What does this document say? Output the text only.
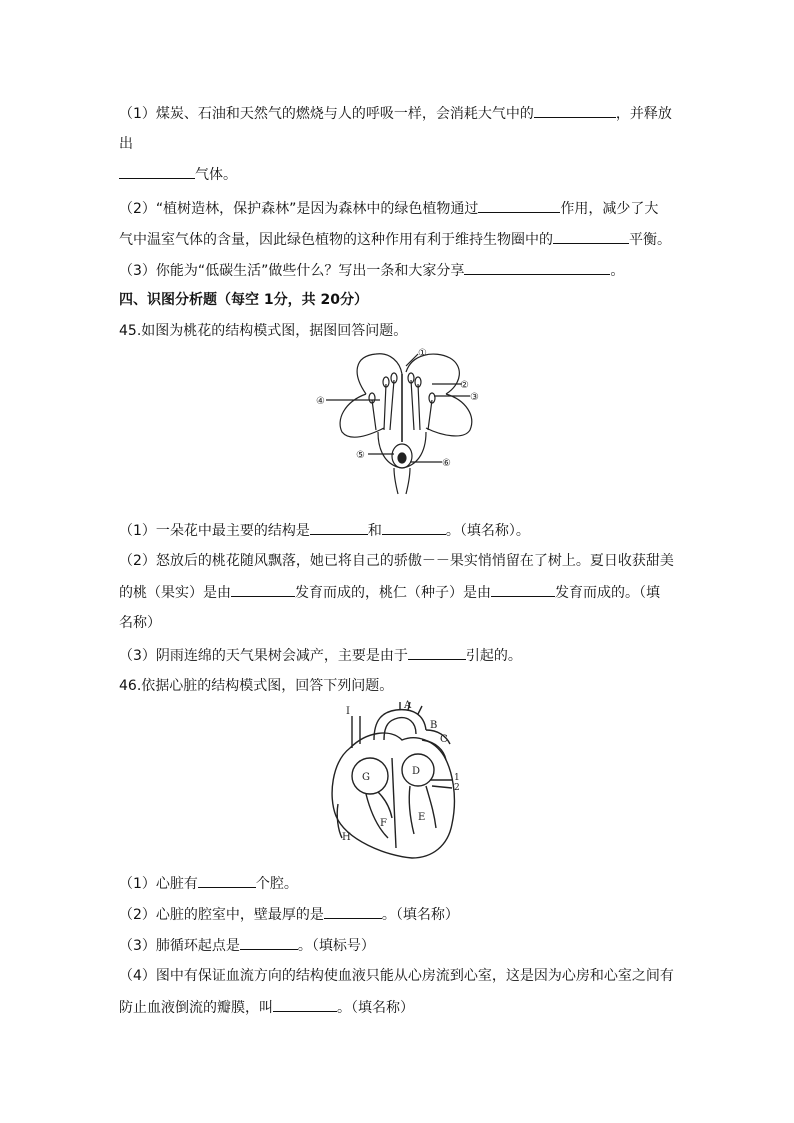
（1）煤炭、石油和天然气的燃烧与人的呼吸一样，会消耗大气中的	，并释放
出
气体。
（2）“植树造林，保护森林”是因为森林中的绿色植物通过	作用，减少了大
气中温室气体的含量，因此绿色植物的这种作用有利于维持生物圈中的	平衡。
（3）你能为“低碳生活”做些什么？写出一条和大家分享	。
四、识图分析题（每空 1分，共 20分）
45.如图为桃花的结构模式图，据图回答问题。
①
②
③
④
⑤
⑥
（1）一朵花中最主要的结构是	和	。（填名称）。
（2）怒放后的桃花随风飘落，她已将自己的骄傲－－果实悄悄留在了树上。夏日收获甜美
的桃（果实）是由	发育而成的，桃仁（种子）是由	发育而成的。（填
名称）
（3）阴雨连绵的天气果树会减产，主要是由于	引起的。
46.依据心脏的结构模式图，回答下列问题。
I
A
B
C
D
G
F
E
H
1
2
（1）心脏有	个腔。
（2）心脏的腔室中，壁最厚的是	。（填名称）
（3）肺循环起点是	。（填标号）
（4）图中有保证血流方向的结构使血液只能从心房流到心室，这是因为心房和心室之间有
防止血液倒流的瓣膜，叫	。（填名称）
